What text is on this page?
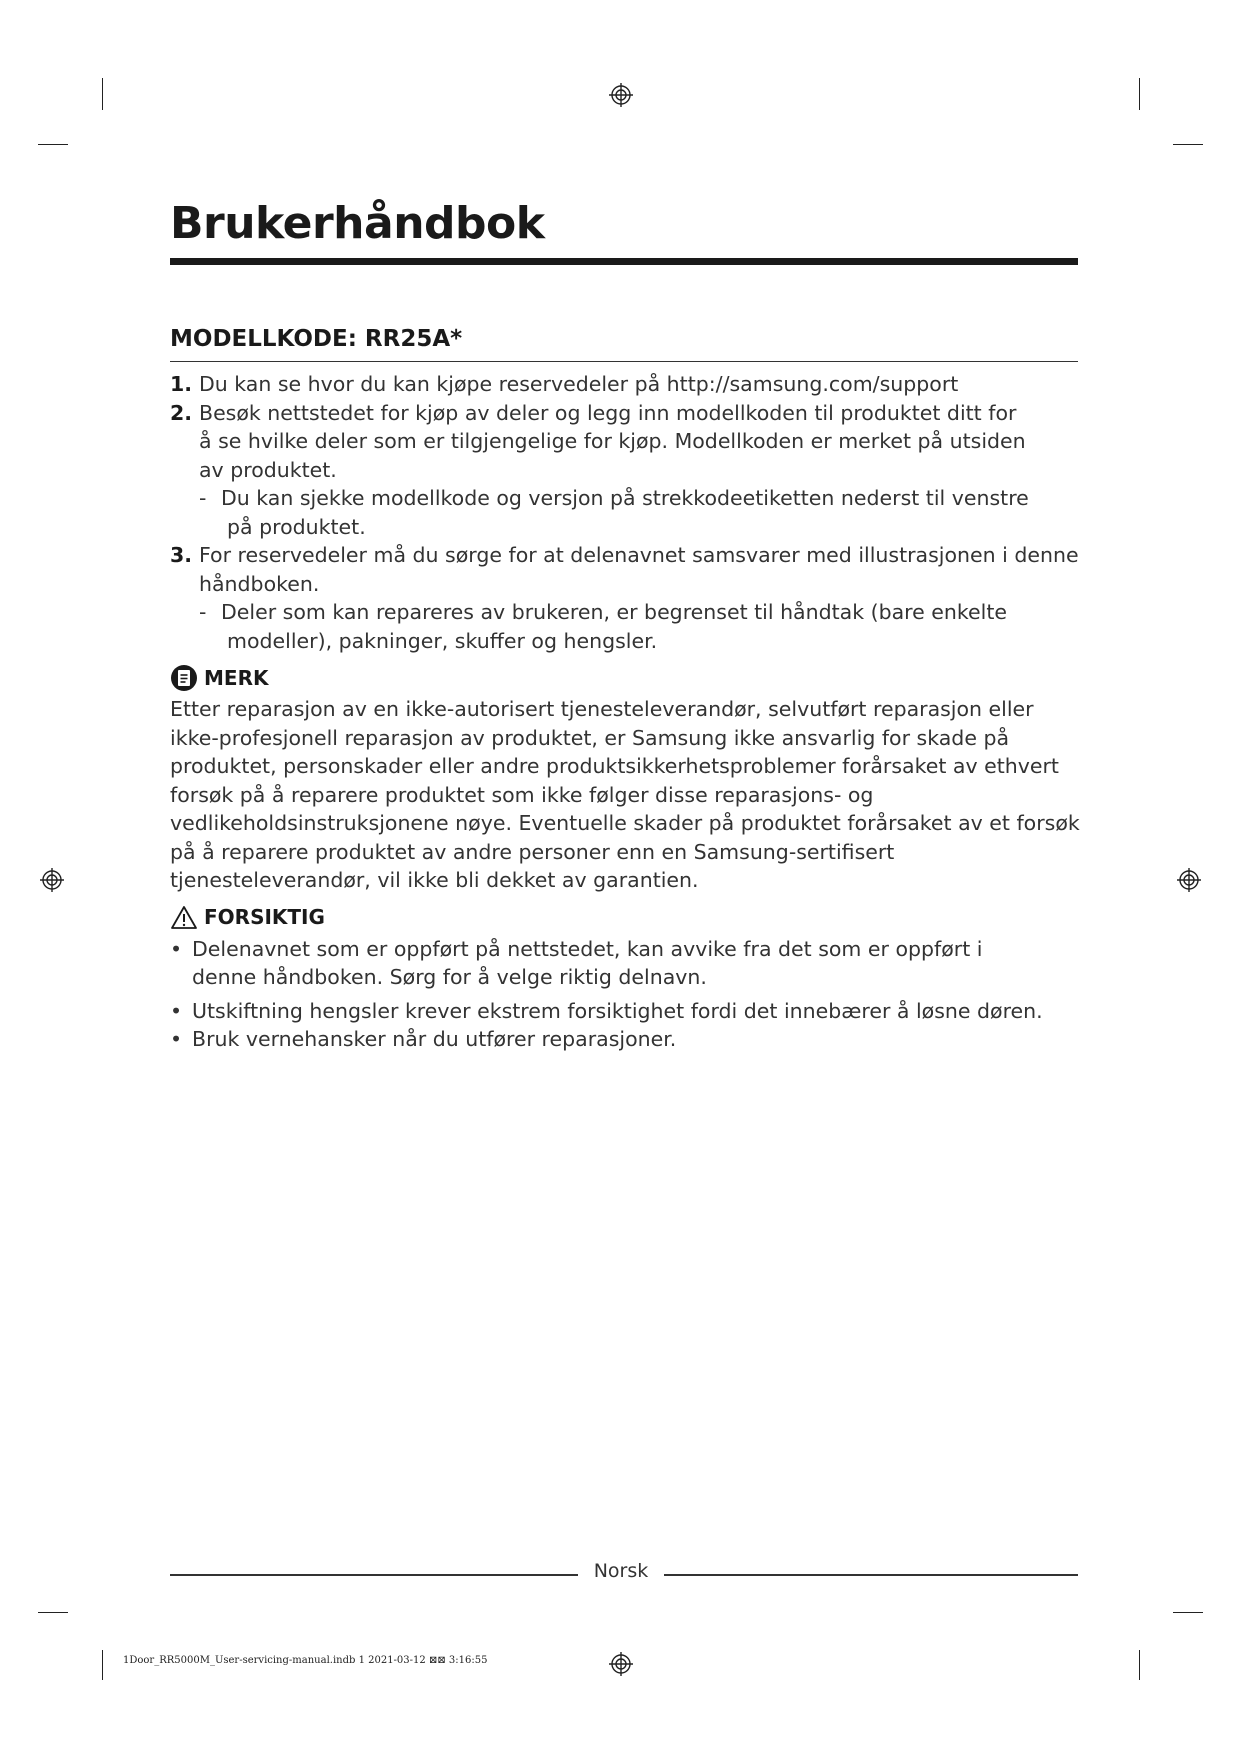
Brukerhåndbok
MODELLKODE: RR25A*
1. Du kan se hvor du kan kjøpe reservedeler på http://samsung.com/support
2. Besøk nettstedet for kjøp av deler og legg inn modellkoden til produktet ditt for å se hvilke deler som er tilgjengelige for kjøp. Modellkoden er merket på utsiden av produktet.
- Du kan sjekke modellkode og versjon på strekkodeetiketten nederst til venstre på produktet.
3. For reservedeler må du sørge for at delenavnet samsvarer med illustrasjonen i denne håndboken.
- Deler som kan repareres av brukeren, er begrenset til håndtak (bare enkelte modeller), pakninger, skuffer og hengsler.
MERK

Etter reparasjon av en ikke-autorisert tjenesteleverandør, selvutført reparasjon eller ikke-profesjonell reparasjon av produktet, er Samsung ikke ansvarlig for skade på produktet, personskader eller andre produktsikkerhetsproblemer forårsaket av ethvert forsøk på å reparere produktet som ikke følger disse reparasjons- og vedlikeholdsinstruksjonene nøye. Eventuelle skader på produktet forårsaket av et forsøk på å reparere produktet av andre personer enn en Samsung-sertifisert tjenesteleverandør, vil ikke bli dekket av garantien.

FORSIKTIG
• Delenavnet som er oppført på nettstedet, kan avvike fra det som er oppført i denne håndboken. Sørg for å velge riktig delnavn.
• Utskiftning hengsler krever ekstrem forsiktighet fordi det innebærer å løsne døren.
• Bruk vernehansker når du utfører reparasjoner.
Norsk
1Door_RR5000M_User-servicing-manual.indb 1 2021-03-12 ⊠⊠ 3:16:55
